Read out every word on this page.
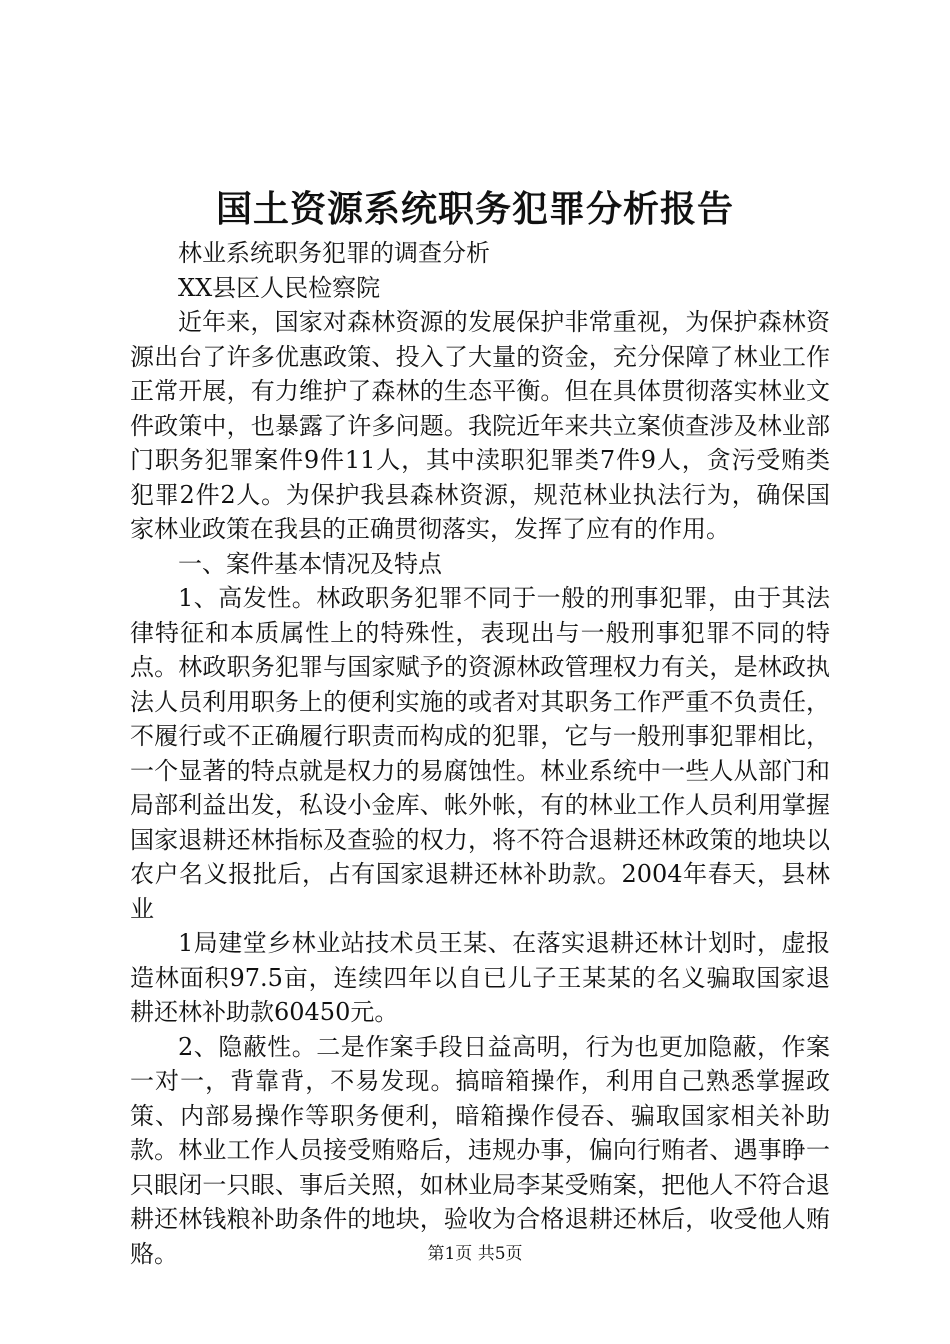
国土资源系统职务犯罪分析报告

林业系统职务犯罪的调查分析

XX县区人民检察院

近年来，国家对森林资源的发展保护非常重视，为保护森林资源出台了许多优惠政策、投入了大量的资金，充分保障了林业工作正常开展，有力维护了森林的生态平衡。但在具体贯彻落实林业文件政策中，也暴露了许多问题。我院近年来共立案侦查涉及林业部门职务犯罪案件9件11人，其中渎职犯罪类7件9人，贪污受贿类犯罪2件2人。为保护我县森林资源，规范林业执法行为，确保国家林业政策在我县的正确贯彻落实，发挥了应有的作用。

一、案件基本情况及特点

1、高发性。林政职务犯罪不同于一般的刑事犯罪，由于其法律特征和本质属性上的特殊性，表现出与一般刑事犯罪不同的特点。林政职务犯罪与国家赋予的资源林政管理权力有关，是林政执法人员利用职务上的便利实施的或者对其职务工作严重不负责任，不履行或不正确履行职责而构成的犯罪，它与一般刑事犯罪相比，一个显著的特点就是权力的易腐蚀性。林业系统中一些人从部门和局部利益出发，私设小金库、帐外帐，有的林业工作人员利用掌握国家退耕还林指标及查验的权力，将不符合退耕还林政策的地块以农户名义报批后，占有国家退耕还林补助款。2004年春天，县林业

1局建堂乡林业站技术员王某、在落实退耕还林计划时，虚报造林面积97.5亩，连续四年以自已儿子王某某的名义骗取国家退耕还林补助款60450元。

2、隐蔽性。二是作案手段日益高明，行为也更加隐蔽，作案一对一，背靠背，不易发现。搞暗箱操作，利用自己熟悉掌握政策、内部易操作等职务便利，暗箱操作侵吞、骗取国家相关补助款。林业工作人员接受贿赂后，违规办事，偏向行贿者、遇事睁一只眼闭一只眼、事后关照，如林业局李某受贿案，把他人不符合退耕还林钱粮补助条件的地块，验收为合格退耕还林后，收受他人贿赂。	第1页 共5页
